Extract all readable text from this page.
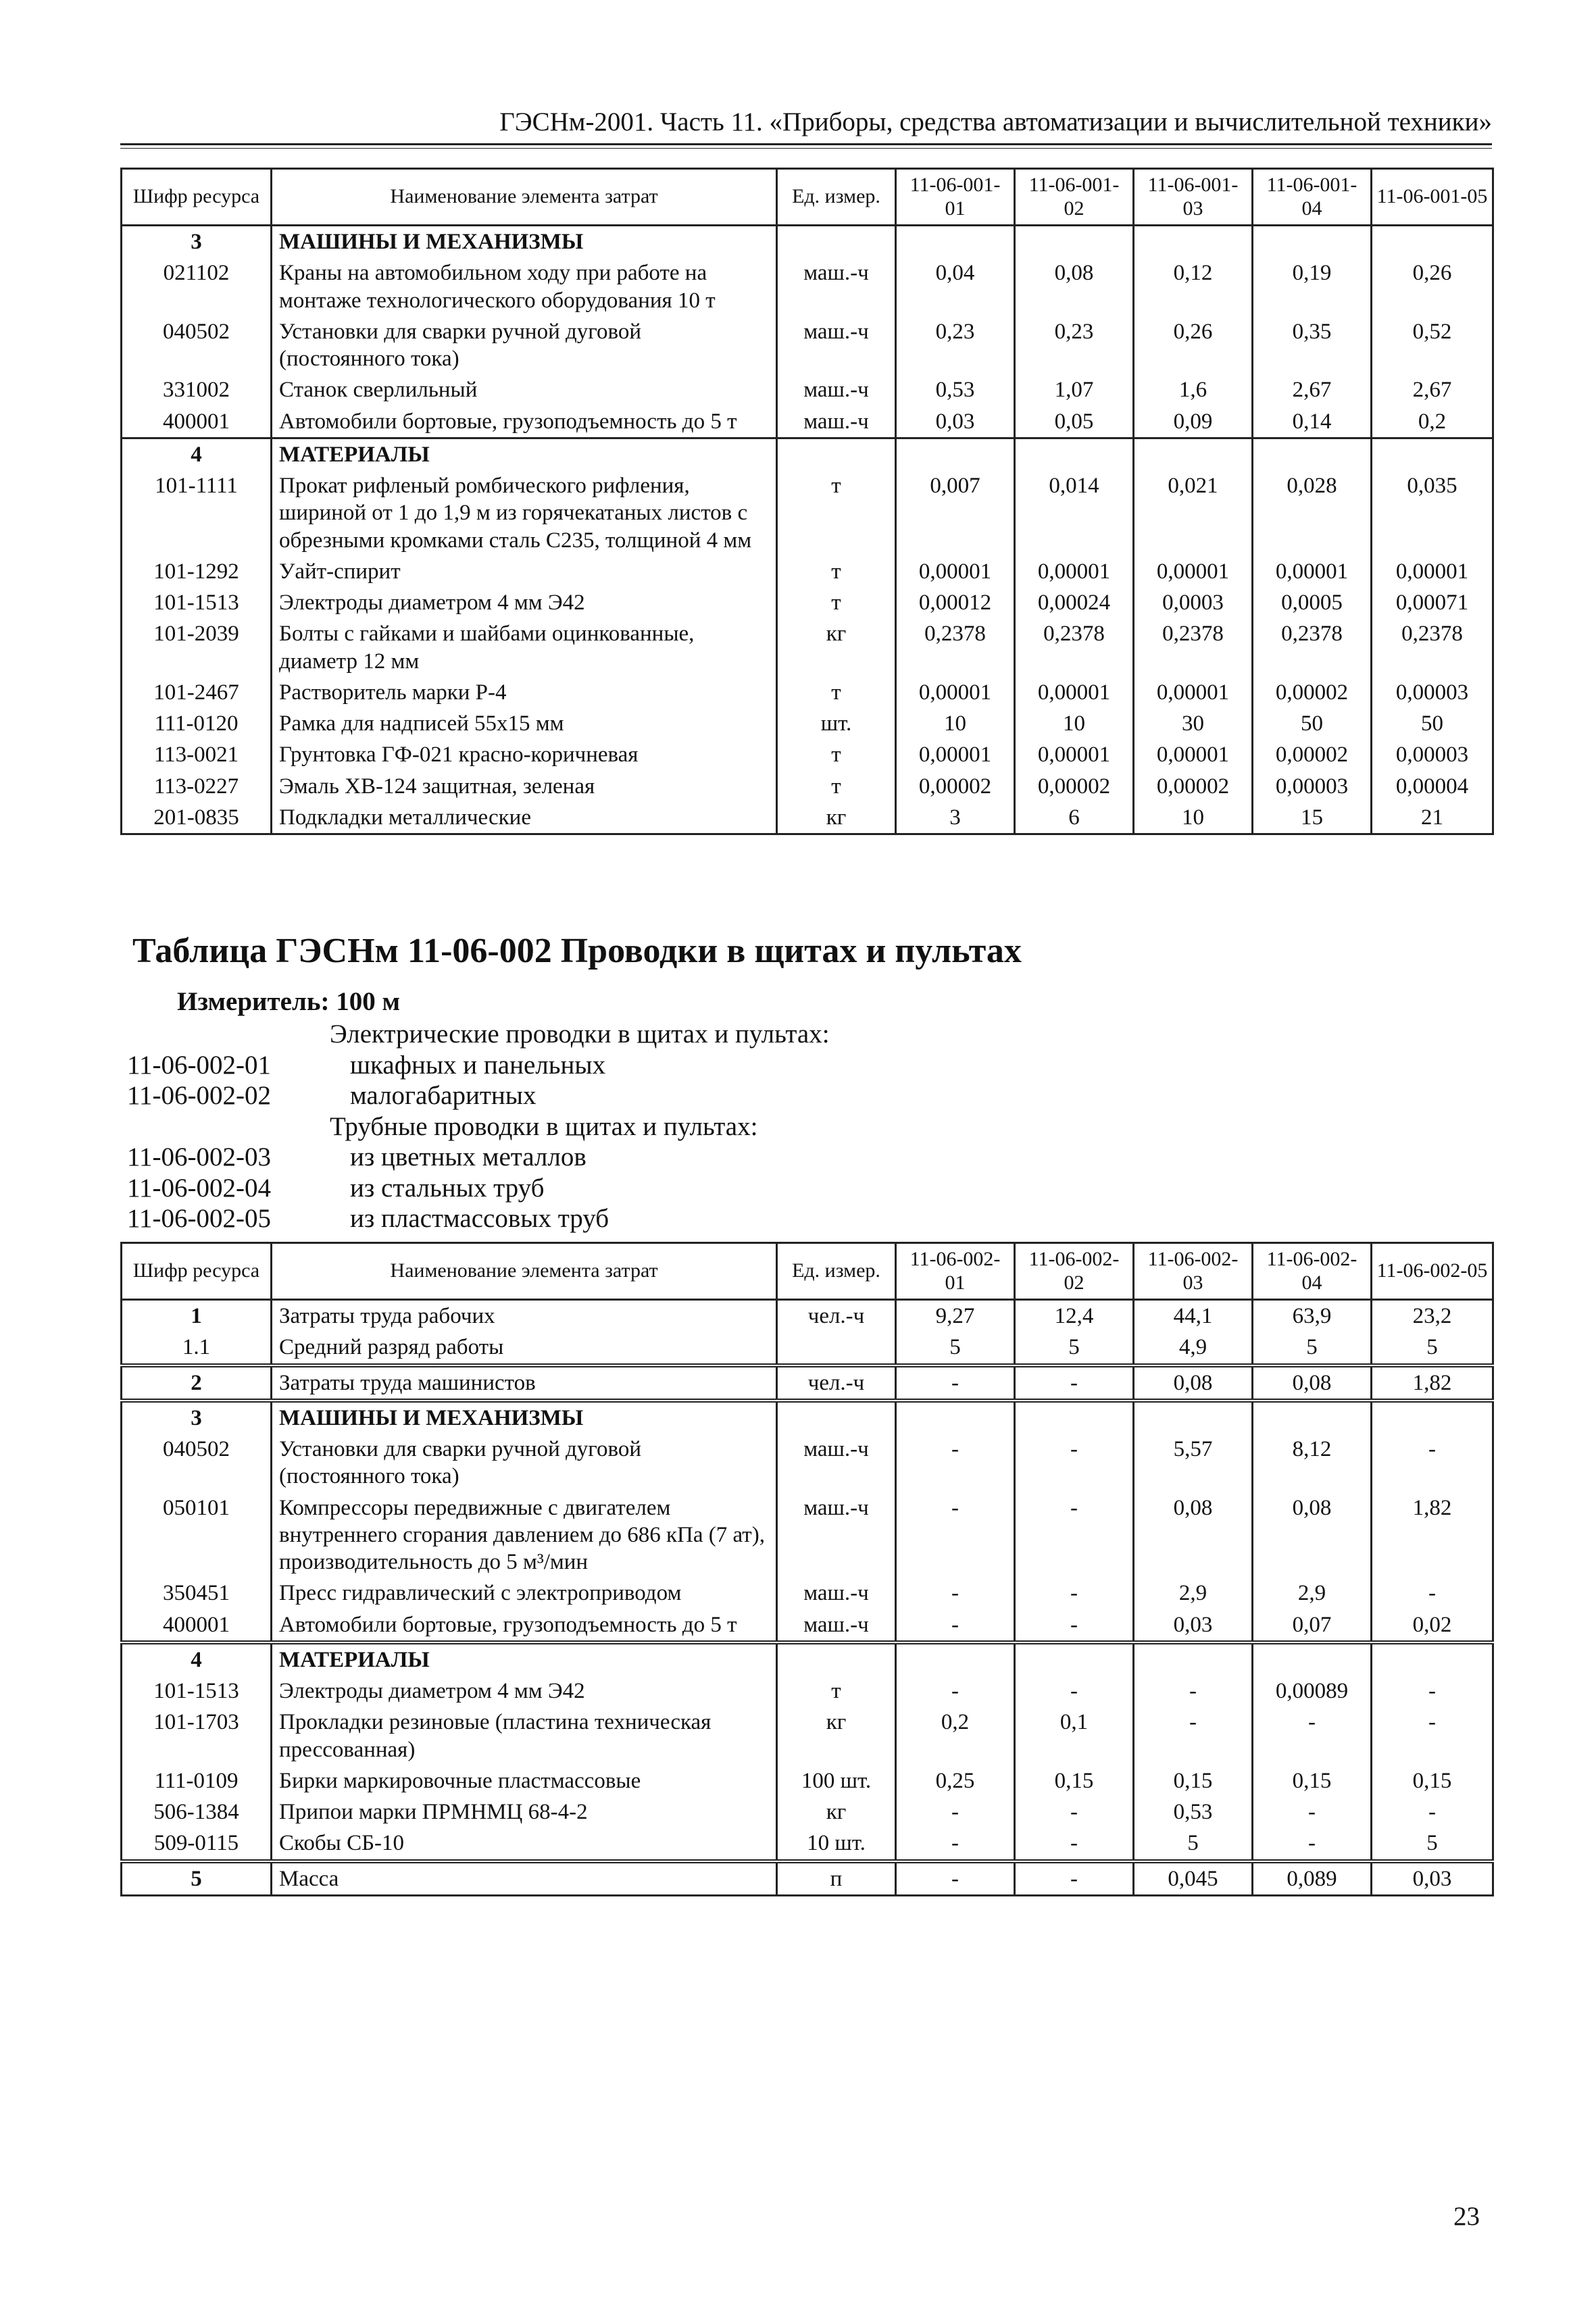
ГЭСНм-2001. Часть 11. «Приборы, средства автоматизации и вычислительной техники»
Шифр ресурса	Наименование элемента затрат	Ед. измер.	11-06-001-01	11-06-001-02	11-06-001-03	11-06-001-04	11-06-001-05
3	МАШИНЫ И МЕХАНИЗМЫ						
021102	Краны на автомобильном ходу при работе на монтаже технологического оборудования 10 т	маш.-ч	0,04	0,08	0,12	0,19	0,26
040502	Установки для сварки ручной дуговой (постоянного тока)	маш.-ч	0,23	0,23	0,26	0,35	0,52
331002	Станок сверлильный	маш.-ч	0,53	1,07	1,6	2,67	2,67
400001	Автомобили бортовые, грузоподъемность до 5 т	маш.-ч	0,03	0,05	0,09	0,14	0,2
4	МАТЕРИАЛЫ						
101-1111	Прокат рифленый ромбического рифления, шириной от 1 до 1,9 м из горячекатаных листов с обрезными кромками сталь С235, толщиной 4 мм	т	0,007	0,014	0,021	0,028	0,035
101-1292	Уайт-спирит	т	0,00001	0,00001	0,00001	0,00001	0,00001
101-1513	Электроды диаметром 4 мм Э42	т	0,00012	0,00024	0,0003	0,0005	0,00071
101-2039	Болты с гайками и шайбами оцинкованные, диаметр 12 мм	кг	0,2378	0,2378	0,2378	0,2378	0,2378
101-2467	Растворитель марки Р-4	т	0,00001	0,00001	0,00001	0,00002	0,00003
111-0120	Рамка для надписей 55х15 мм	шт.	10	10	30	50	50
113-0021	Грунтовка ГФ-021 красно-коричневая	т	0,00001	0,00001	0,00001	0,00002	0,00003
113-0227	Эмаль ХВ-124 защитная, зеленая	т	0,00002	0,00002	0,00002	0,00003	0,00004
201-0835	Подкладки металлические	кг	3	6	10	15	21
Таблица ГЭСНм 11-06-002 Проводки в щитах и пультах
Измеритель: 100 м
Электрические проводки в щитах и пультах:
11-06-002-01	шкафных и панельных
11-06-002-02	малогабаритных
Трубные проводки в щитах и пультах:
11-06-002-03	из цветных металлов
11-06-002-04	из стальных труб
11-06-002-05	из пластмассовых труб
Шифр ресурса	Наименование элемента затрат	Ед. измер.	11-06-002-01	11-06-002-02	11-06-002-03	11-06-002-04	11-06-002-05
1	Затраты труда рабочих	чел.-ч	9,27	12,4	44,1	63,9	23,2
1.1	Средний разряд работы		5	5	4,9	5	5
2	Затраты труда машинистов	чел.-ч	-	-	0,08	0,08	1,82
3	МАШИНЫ И МЕХАНИЗМЫ						
040502	Установки для сварки ручной дуговой (постоянного тока)	маш.-ч	-	-	5,57	8,12	-
050101	Компрессоры передвижные с двигателем внутреннего сгорания давлением до 686 кПа (7 ат), производительность до 5 м³/мин	маш.-ч	-	-	0,08	0,08	1,82
350451	Пресс гидравлический с электроприводом	маш.-ч	-	-	2,9	2,9	-
400001	Автомобили бортовые, грузоподъемность до 5 т	маш.-ч	-	-	0,03	0,07	0,02
4	МАТЕРИАЛЫ						
101-1513	Электроды диаметром 4 мм Э42	т	-	-	-	0,00089	-
101-1703	Прокладки резиновые (пластина техническая прессованная)	кг	0,2	0,1	-	-	-
111-0109	Бирки маркировочные пластмассовые	100 шт.	0,25	0,15	0,15	0,15	0,15
506-1384	Припои марки ПРМНМЦ 68-4-2	кг	-	-	0,53	-	-
509-0115	Скобы СБ-10	10 шт.	-	-	5	-	5
5	Масса	п	-	-	0,045	0,089	0,03
23
